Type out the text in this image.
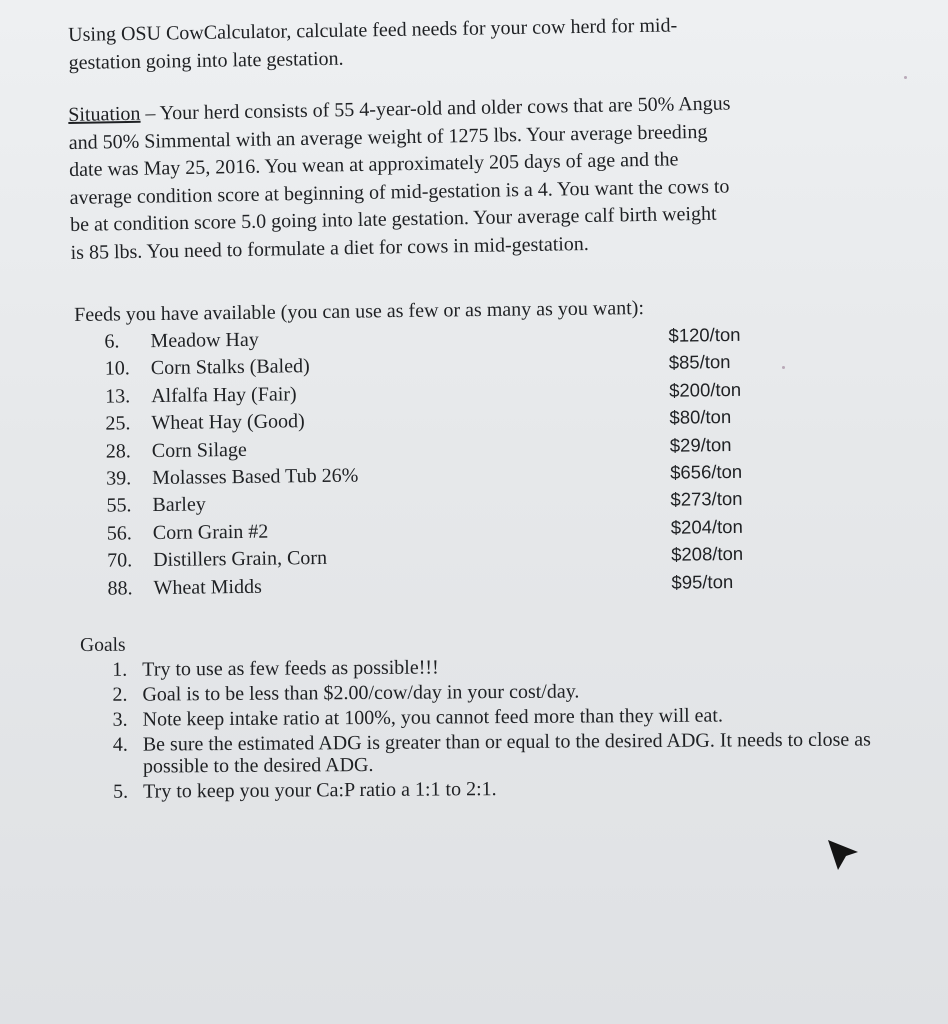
Using OSU CowCalculator, calculate feed needs for your cow herd for mid-
gestation going into late gestation.
Situation – Your herd consists of 55 4-year-old and older cows that are 50% Angus
and 50% Simmental with an average weight of 1275 lbs. Your average breeding
date was May 25, 2016. You wean at approximately 205 days of age and the
average condition score at beginning of mid-gestation is a 4. You want the cows to
be at condition score 5.0 going into late gestation. Your average calf birth weight
is 85 lbs. You need to formulate a diet for cows in mid-gestation.
Feeds you have available (you can use as few or as many as you want):
6.	Meadow Hay	$120/ton
10.	Corn Stalks (Baled)	$85/ton
13.	Alfalfa Hay (Fair)	$200/ton
25.	Wheat Hay (Good)	$80/ton
28.	Corn Silage	$29/ton
39.	Molasses Based Tub 26%	$656/ton
55.	Barley	$273/ton
56.	Corn Grain #2	$204/ton
70.	Distillers Grain, Corn	$208/ton
88.	Wheat Midds	$95/ton
Goals
1. Try to use as few feeds as possible!!!
2. Goal is to be less than $2.00/cow/day in your cost/day.
3. Note keep intake ratio at 100%, you cannot feed more than they will eat.
4. Be sure the estimated ADG is greater than or equal to the desired ADG. It needs to close as possible to the desired ADG.
5. Try to keep you your Ca:P ratio a 1:1 to 2:1.
